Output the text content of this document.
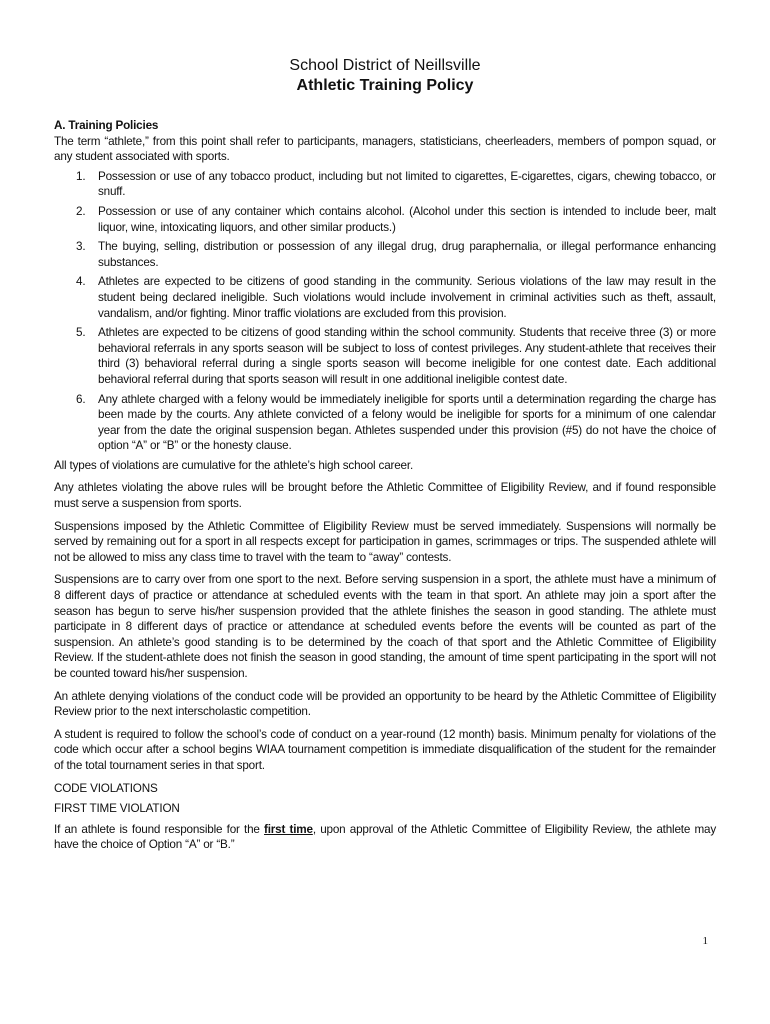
School District of Neillsville
Athletic Training Policy
A. Training Policies

The term “athlete,” from this point shall refer to participants, managers, statisticians, cheerleaders, members of pompon squad, or any student associated with sports.

1. Possession or use of any tobacco product, including but not limited to cigarettes, E-cigarettes, cigars, chewing tobacco, or snuff.
2. Possession or use of any container which contains alcohol. (Alcohol under this section is intended to include beer, malt liquor, wine, intoxicating liquors, and other similar products.)
3. The buying, selling, distribution or possession of any illegal drug, drug paraphernalia, or illegal performance enhancing substances.
4. Athletes are expected to be citizens of good standing in the community. Serious violations of the law may result in the student being declared ineligible. Such violations would include involvement in criminal activities such as theft, assault, vandalism, and/or fighting. Minor traffic violations are excluded from this provision.
5. Athletes are expected to be citizens of good standing within the school community. Students that receive three (3) or more behavioral referrals in any sports season will be subject to loss of contest privileges. Any student-athlete that receives their third (3) behavioral referral during a single sports season will become ineligible for one contest date. Each additional behavioral referral during that sports season will result in one additional ineligible contest date.
6. Any athlete charged with a felony would be immediately ineligible for sports until a determination regarding the charge has been made by the courts. Any athlete convicted of a felony would be ineligible for sports for a minimum of one calendar year from the date the original suspension began. Athletes suspended under this provision (#5) do not have the choice of option “A” or “B” or the honesty clause.

All types of violations are cumulative for the athlete’s high school career.

Any athletes violating the above rules will be brought before the Athletic Committee of Eligibility Review, and if found responsible must serve a suspension from sports.

Suspensions imposed by the Athletic Committee of Eligibility Review must be served immediately. Suspensions will normally be served by remaining out for a sport in all respects except for participation in games, scrimmages or trips. The suspended athlete will not be allowed to miss any class time to travel with the team to “away” contests.

Suspensions are to carry over from one sport to the next. Before serving suspension in a sport, the athlete must have a minimum of 8 different days of practice or attendance at scheduled events with the team in that sport. An athlete may join a sport after the season has begun to serve his/her suspension provided that the athlete finishes the season in good standing. The athlete must participate in 8 different days of practice or attendance at scheduled events before the events will be counted as part of the suspension. An athlete’s good standing is to be determined by the coach of that sport and the Athletic Committee of Eligibility Review. If the student-athlete does not finish the season in good standing, the amount of time spent participating in the sport will not be counted toward his/her suspension.

An athlete denying violations of the conduct code will be provided an opportunity to be heard by the Athletic Committee of Eligibility Review prior to the next interscholastic competition.

A student is required to follow the school’s code of conduct on a year-round (12 month) basis. Minimum penalty for violations of the code which occur after a school begins WIAA tournament competition is immediate disqualification of the student for the remainder of the total tournament series in that sport.

CODE VIOLATIONS
FIRST TIME VIOLATION

If an athlete is found responsible for the first time, upon approval of the Athletic Committee of Eligibility Review, the athlete may have the choice of Option “A” or “B.”

1
